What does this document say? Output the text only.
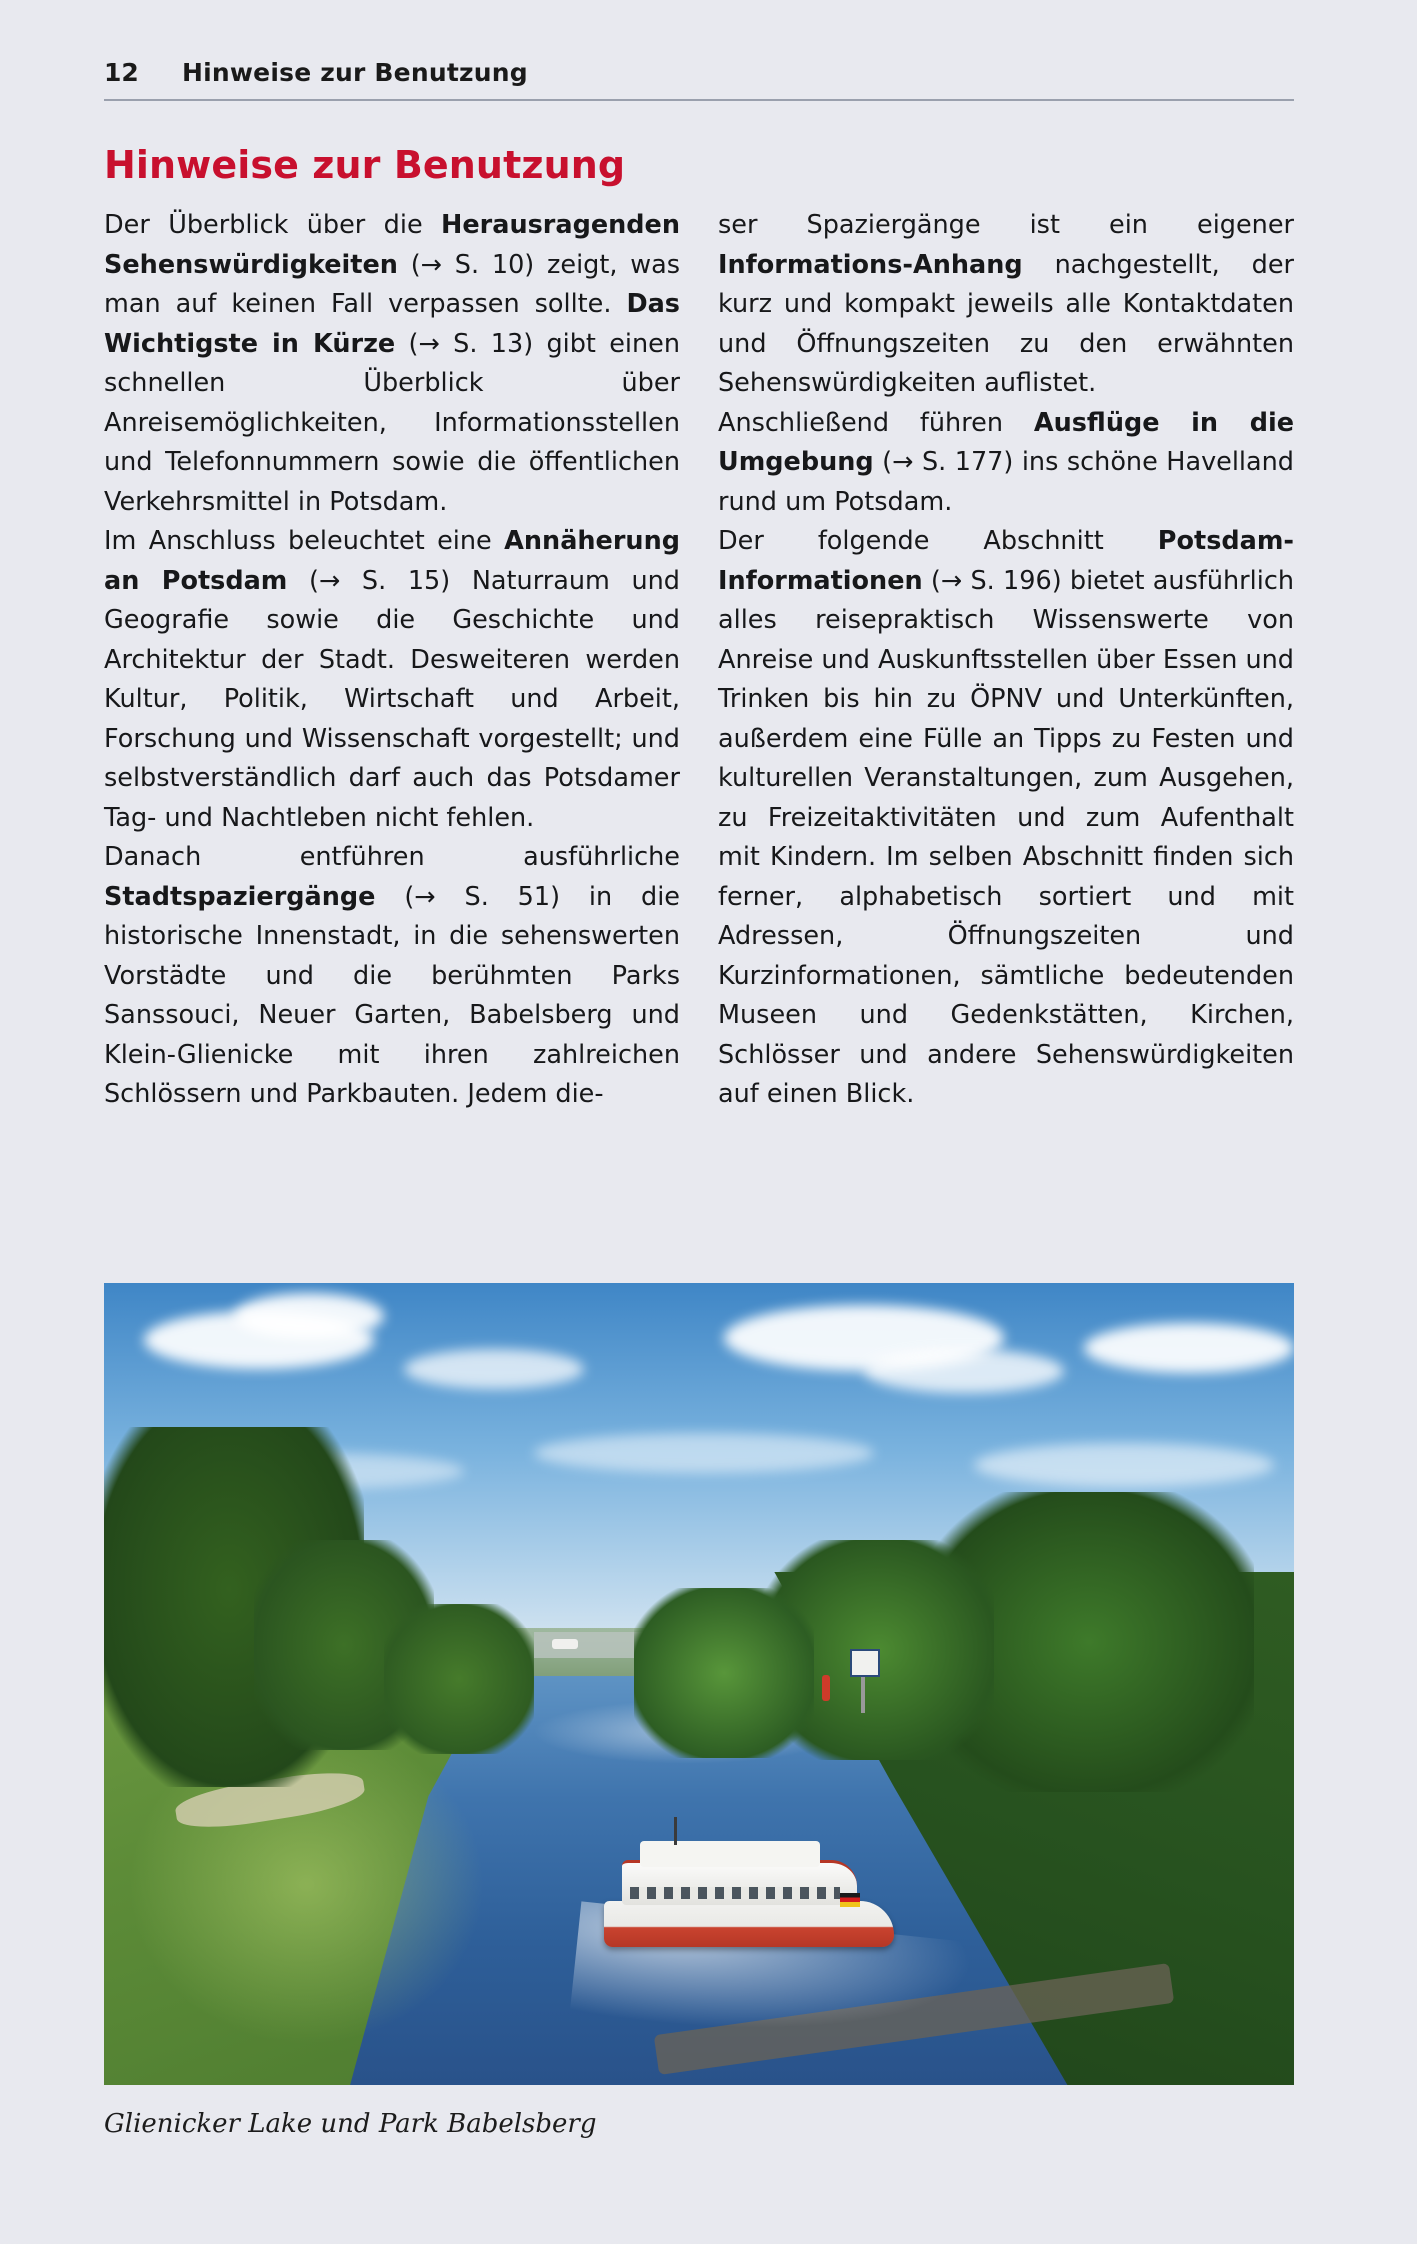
12	Hinweise zur Benutzung
Hinweise zur Benutzung

Der Überblick über die Herausragenden Sehenswürdigkeiten (→ S. 10) zeigt, was man auf keinen Fall verpassen sollte. Das Wichtigste in Kürze (→ S. 13) gibt einen schnellen Überblick über Anreisemöglichkeiten, Informationsstellen und Telefonnummern sowie die öffentlichen Verkehrsmittel in Potsdam.

Im Anschluss beleuchtet eine Annäherung an Potsdam (→ S. 15) Naturraum und Geografie sowie die Geschichte und Architektur der Stadt. Desweiteren werden Kultur, Politik, Wirtschaft und Arbeit, Forschung und Wissenschaft vorgestellt; und selbstverständlich darf auch das Potsdamer Tag- und Nachtleben nicht fehlen.

Danach entführen ausführliche Stadtspaziergänge (→ S. 51) in die historische Innenstadt, in die sehenswerten Vorstädte und die berühmten Parks Sanssouci, Neuer Garten, Babelsberg und Klein-Glienicke mit ihren zahlreichen Schlössern und Parkbauten. Jedem die-

ser Spaziergänge ist ein eigener Informations-Anhang nachgestellt, der kurz und kompakt jeweils alle Kontaktdaten und Öffnungszeiten zu den erwähnten Sehenswürdigkeiten auflistet.

Anschließend führen Ausflüge in die Umgebung (→ S. 177) ins schöne Havelland rund um Potsdam.

Der folgende Abschnitt Potsdam-Informationen (→ S. 196) bietet ausführlich alles reisepraktisch Wissenswerte von Anreise und Auskunftsstellen über Essen und Trinken bis hin zu ÖPNV und Unterkünften, außerdem eine Fülle an Tipps zu Festen und kulturellen Veranstaltungen, zum Ausgehen, zu Freizeitaktivitäten und zum Aufenthalt mit Kindern. Im selben Abschnitt finden sich ferner, alphabetisch sortiert und mit Adressen, Öffnungszeiten und Kurzinformationen, sämtliche bedeutenden Museen und Gedenkstätten, Kirchen, Schlösser und andere Sehenswürdigkeiten auf einen Blick.

Glienicker Lake und Park Babelsberg
